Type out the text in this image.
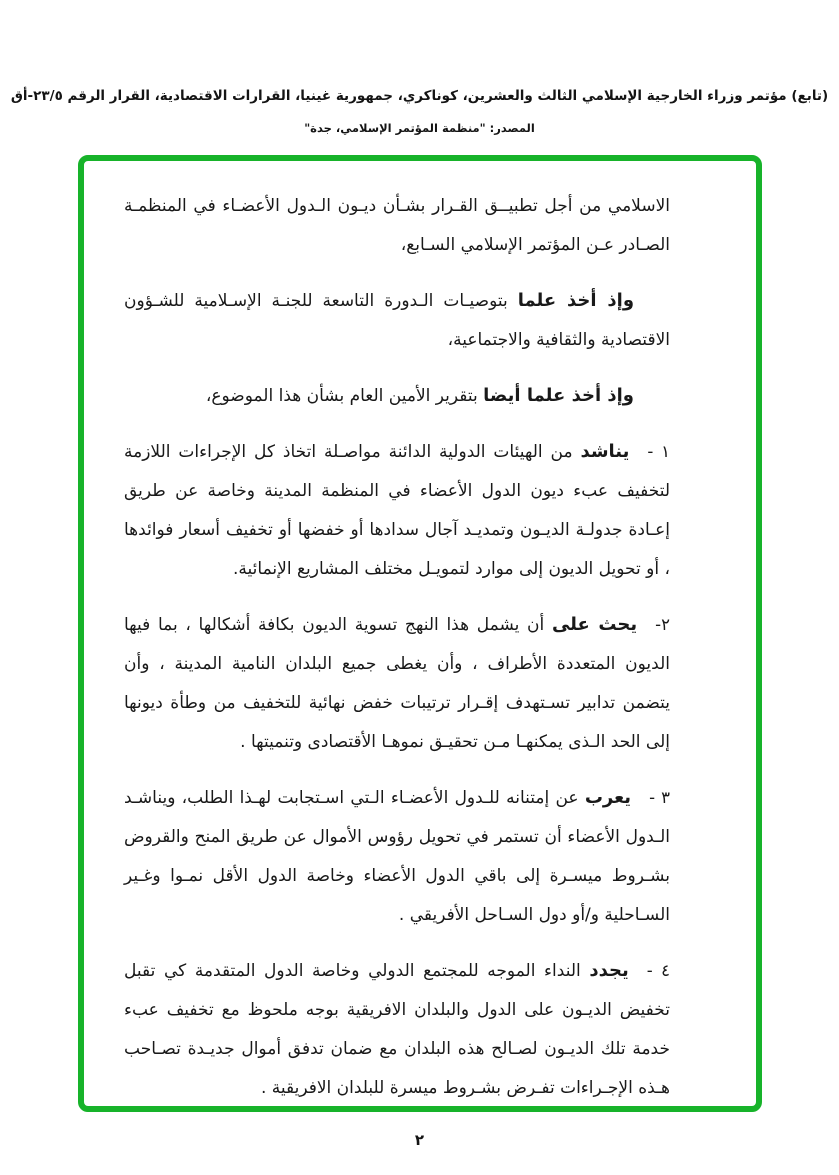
(تابع) مؤتمر وزراء الخارجية الإسلامي الثالث والعشرين، كوناكري، جمهورية غينيا، القرارات الاقتصادية، القرار الرقم ٢٣/٥-أق
المصدر: "منظمة المؤتمر الإسلامي، جدة"

الاسلامي من أجل تطبيــق القـرار بشـأن ديـون الـدول الأعضـاء في المنظمـة الصـادر عـن المؤتمر الإسلامي السـابع،

وإذ أخذ علما بتوصيـات الـدورة التاسعة للجنـة الإسـلامية للشـؤون الاقتصادية والثقافية والاجتماعية،

وإذ أخذ علما أيضا بتقرير الأمين العام بشأن هذا الموضوع،

١ -يناشد من الهيئات الدولية الدائنة مواصـلة اتخاذ كل الإجراءات اللازمة لتخفيف عبء ديون الدول الأعضاء في المنظمة المدينة وخاصة عن طريق إعـادة جدولـة الديـون وتمديـد آجال سدادها أو خفضها أو تخفيف أسعار فوائدها ، أو تحويل الديون إلى موارد لتمويـل مختلف المشاريع الإنمائية.

٢-يحث على أن يشمل هذا النهج تسوية الديون بكافة أشكالها ، بما فيها الديون المتعددة الأطراف ، وأن يغطى جميع البلدان النامية المدينة ، وأن يتضمن تدابير تسـتهدف إقـرار ترتيبات خفض نهائية للتخفيف من وطأة ديونها إلى الحد الـذى يمكنهـا مـن تحقيـق نموهـا الأقتصادى وتنميتها .

٣ -يعرب عن إمتنانه للـدول الأعضـاء الـتي اسـتجابت لهـذا الطلب، ويناشـد الـدول الأعضاء أن تستمر في تحويل رؤوس الأموال عن طريق المنح والقروض بشـروط ميسـرة إلى باقي الدول الأعضاء وخاصة الدول الأقل نمـوا وغـير السـاحلية و/أو دول السـاحل الأفريقي .

٤ -يجدد النداء الموجه للمجتمع الدولي وخاصة الدول المتقدمة كي تقبل تخفيض الديـون على الدول والبلدان الافريقية بوجه ملحوظ مع تخفيف عبء خدمة تلك الديـون لصـالح هذه البلدان مع ضمان تدفق أموال جديـدة تصـاحب هـذه الإجـراءات تفـرض بشـروط ميسرة للبلدان الافريقية .

٢
